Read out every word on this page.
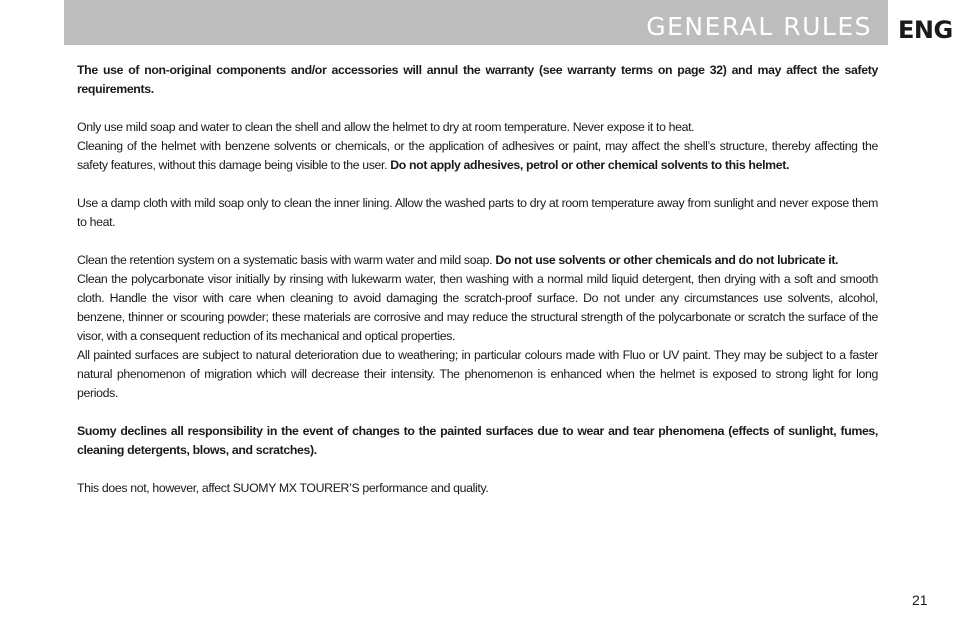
GENERAL RULES ENG

The use of non-original components and/or accessories will annul the warranty (see warranty terms on page 32) and may affect the safety requirements.

Only use mild soap and water to clean the shell and allow the helmet to dry at room temperature. Never expose it to heat.

Cleaning of the helmet with benzene solvents or chemicals, or the application of adhesives or paint, may affect the shell’s structure, thereby affecting the safety features, without this damage being visible to the user. Do not apply adhesives, petrol or other chemical solvents to this helmet.

Use a damp cloth with mild soap only to clean the inner lining. Allow the washed parts to dry at room temperature away from sunlight and never expose them to heat.

Clean the retention system on a systematic basis with warm water and mild soap. Do not use solvents or other chemicals and do not lubricate it.

Clean the polycarbonate visor initially by rinsing with lukewarm water, then washing with a normal mild liquid detergent, then drying with a soft and smooth cloth. Handle the visor with care when cleaning to avoid damaging the scratch-proof surface. Do not under any circumstances use solvents, alcohol, benzene, thinner or scouring powder; these materials are corrosive and may reduce the structural strength of the polycarbonate or scratch the surface of the visor, with a consequent reduction of its mechanical and optical properties.

All painted surfaces are subject to natural deterioration due to weathering; in particular colours made with Fluo or UV paint. They may be subject to a faster natural phenomenon of migration which will decrease their intensity. The phenomenon is enhanced when the helmet is exposed to strong light for long periods.

Suomy declines all responsibility in the event of changes to the painted surfaces due to wear and tear phenomena (effects of sunlight, fumes, cleaning detergents, blows, and scratches).

This does not, however, affect SUOMY MX TOURER’S performance and quality.

21
